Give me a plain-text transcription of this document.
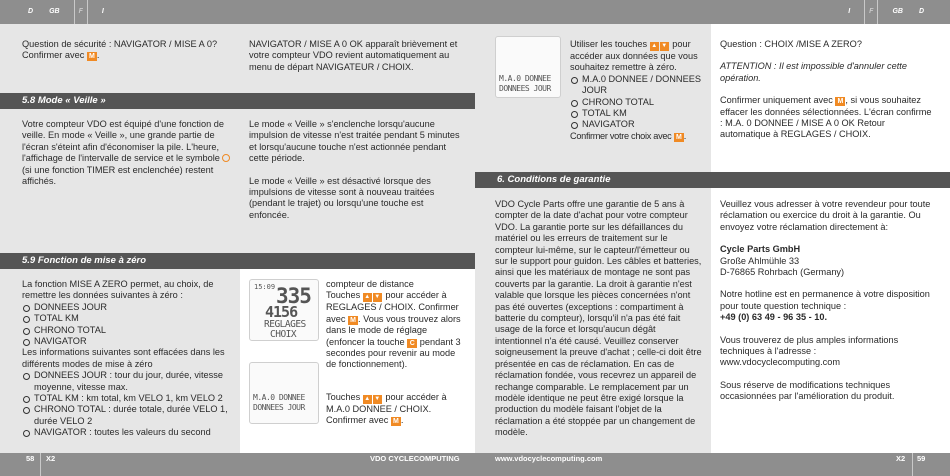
D GB	F	I	I	F	GB D
5.8 Mode « Veille »
5.9 Fonction de mise à zéro
6. Conditions de garantie

Question de sécurité : NAVIGATOR / MISE A 0?

Confirmer avec M .

Votre compteur VDO est équipé d'une fonction de veille. En mode « Veille », une grande partie de l'écran s'éteint afin d'économiser la pile. L'heure, l'affichage de l'intervalle de service et le symbole  (si une fonction TIMER est enclenchée) restent affichés.

La fonction MISE A ZERO permet, au choix, de remettre les données suivantes à zéro :

DONNEES JOUR
TOTAL KM
CHRONO TOTAL
NAVIGATOR

Les informations suivantes sont effacées dans les différents modes de mise à zéro

DONNEES JOUR : tour du jour, durée, vitesse moyenne, vitesse max.
TOTAL KM : km total, km VELO 1, km VELO 2
CHRONO TOTAL : durée totale, durée VELO 1, durée VELO 2
NAVIGATOR : toutes les valeurs du second
NAVIGATOR / MISE A 0 OK apparaît brièvement et votre compteur VDO revient automatiquement au menu de départ NAVIGATEUR / CHOIX.

Le mode « Veille » s'enclenche lorsqu'aucune impulsion de vitesse n'est traitée pendant 5 minutes et lorsqu'aucune touche n'est actionnée pendant cette période.

Le mode « Veille » est désactivé lorsque des impulsions de vitesse sont à nouveau traitées (pendant le trajet) ou lorsqu'une touche est enfoncée.

15:09 335
4156
REGLAGES
CHOIX
M.A.0 DONNEE
DONNEES JOUR

compteur de distance

Touches ▲ ▼ pour accéder à REGLAGES / CHOIX. Confirmer avec M . Vous vous trouvez alors dans le mode de réglage (enfoncer la touche C pendant 3 secondes pour revenir au mode de fonctionnement).

Touches ▲ ▼ pour accéder à M.A.0 DONNEE / CHOIX.

Confirmer avec M .

M.A.0 DONNEE
DONNEES JOUR

Utiliser les touches ▲ ▼ pour accéder aux données que vous souhaitez remettre à zéro.

M.A.0 DONNEE / DONNEES JOUR
CHRONO TOTAL
TOTAL KM
NAVIGATOR

Confirmer votre choix avec M .

VDO Cycle Parts offre une garantie de 5 ans à compter de la date d'achat pour votre compteur VDO. La garantie porte sur les défaillances du matériel ou les erreurs de traitement sur le compteur lui-même, sur le capteur/l'émetteur ou sur le support pour guidon. Les câbles et batteries, ainsi que les matériaux de montage ne sont pas couverts par la garantie. La droit à garantie n'est valable que lorsque les pièces concernées n'ont pas été ouvertes (exceptions : compartiment à batterie du compteur), lorsqu'il n'a pas été fait usage de la force et lorsqu'aucun dégât intentionnel n'a été causé. Veuillez conserver soigneusement la preuve d'achat ; celle-ci doit être présentée en cas de réclamation. En cas de réclamation fondée, vous recevrez un appareil de rechange comparable. Le remplacement par un modèle identique ne peut être exigé lorsque la production du modèle faisant l'objet de la réclamation a été stoppée par un changement de modèle.

Question : CHOIX /MISE A ZERO?

ATTENTION : Il est impossible d'annuler cette opération.

Confirmer uniquement avec M , si vous souhaitez effacer les données sélectionnées. L'écran confirme : M.A. 0 DONNEE / MISE A 0 OK Retour automatique à REGLAGES / CHOIX.

Veuillez vous adresser à votre revendeur pour toute réclamation ou exercice du droit à la garantie. Ou envoyez votre réclamation directement à:

Cycle Parts GmbH

Große Ahlmühle 33

D-76865 Rohrbach (Germany)

Notre hotline est en permanence à votre disposition pour toute question technique :

+49 (0) 63 49 - 96 35 - 10.

Vous trouverez de plus amples informations techniques à l'adresse : www.vdocyclecomputing.com

Sous réserve de modifications techniques occasionnées par l'amélioration du produit.

58 X2	VDO CYCLECOMPUTING	www.vdocyclecomputing.com	X2 59
